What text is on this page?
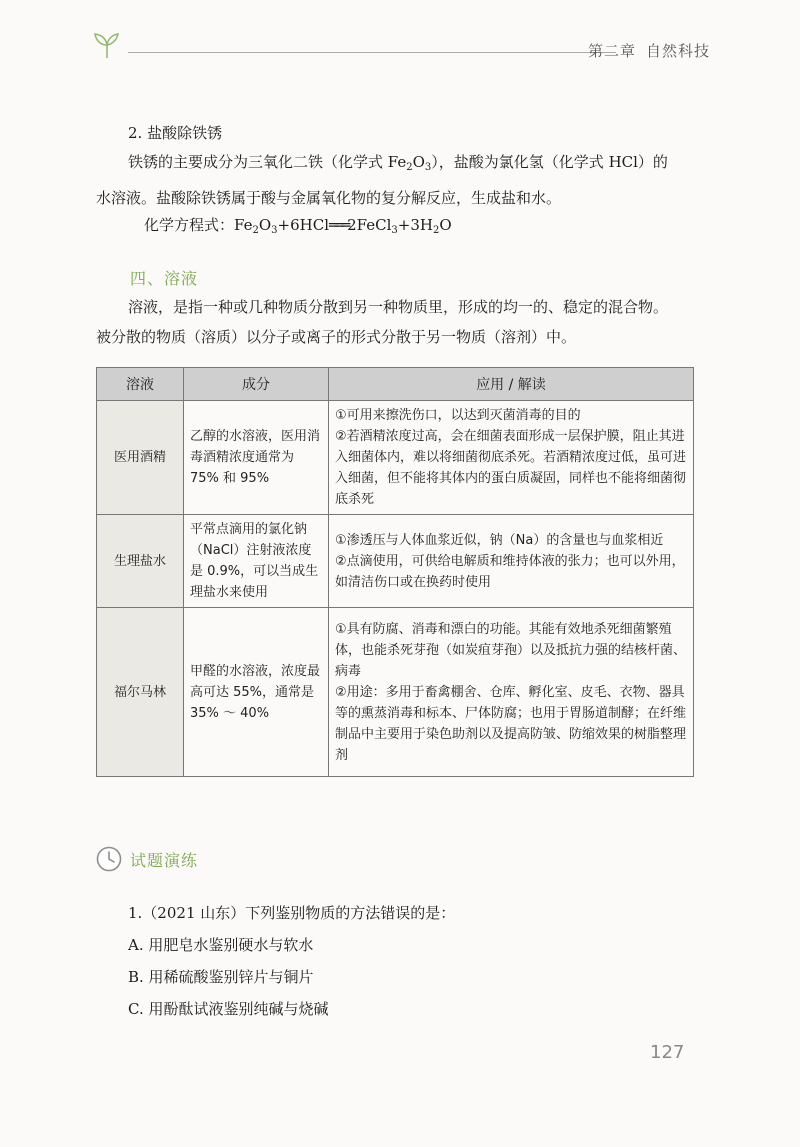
第二章 自然科技
2. 盐酸除铁锈
铁锈的主要成分为三氧化二铁（化学式 $Fe_2O_3$），盐酸为氯化氢（化学式 HCl）的
水溶液。盐酸除铁锈属于酸与金属氧化物的复分解反应，生成盐和水。
化学方程式：$Fe_2O_3+6HCl═══2FeCl_3+3H_2O$
四、溶液
溶液，是指一种或几种物质分散到另一种物质里，形成的均一的、稳定的混合物。
被分散的物质（溶质）以分子或离子的形式分散于另一物质（溶剂）中。
溶液	成分	应用 / 解读
医用酒精	乙醇的水溶液，医用消毒酒精浓度通常为 75% 和 95%	①可用来擦洗伤口，以达到灭菌消毒的目的
②若酒精浓度过高，会在细菌表面形成一层保护膜，阻止其进入细菌体内，难以将细菌彻底杀死。若酒精浓度过低，虽可进入细菌，但不能将其体内的蛋白质凝固，同样也不能将细菌彻底杀死

生理盐水	平常点滴用的氯化钠（NaCl）注射液浓度是 0.9%，可以当成生理盐水来使用	①渗透压与人体血浆近似，钠（Na）的含量也与血浆相近
②点滴使用，可供给电解质和维持体液的张力；也可以外用，如清洁伤口或在换药时使用

福尔马林	甲醛的水溶液，浓度最高可达 55%，通常是 35% ～ 40%	①具有防腐、消毒和漂白的功能。其能有效地杀死细菌繁殖体，也能杀死芽孢（如炭疽芽孢）以及抵抗力强的结核杆菌、病毒
②用途：多用于畜禽棚舍、仓库、孵化室、皮毛、衣物、器具等的熏蒸消毒和标本、尸体防腐；也用于胃肠道制酵；在纤维制品中主要用于染色助剂以及提高防皱、防缩效果的树脂整理剂
试题演练
1.（2021 山东）下列鉴别物质的方法错误的是：
A. 用肥皂水鉴别硬水与软水
B. 用稀硫酸鉴别锌片与铜片
C. 用酚酞试液鉴别纯碱与烧碱
127
